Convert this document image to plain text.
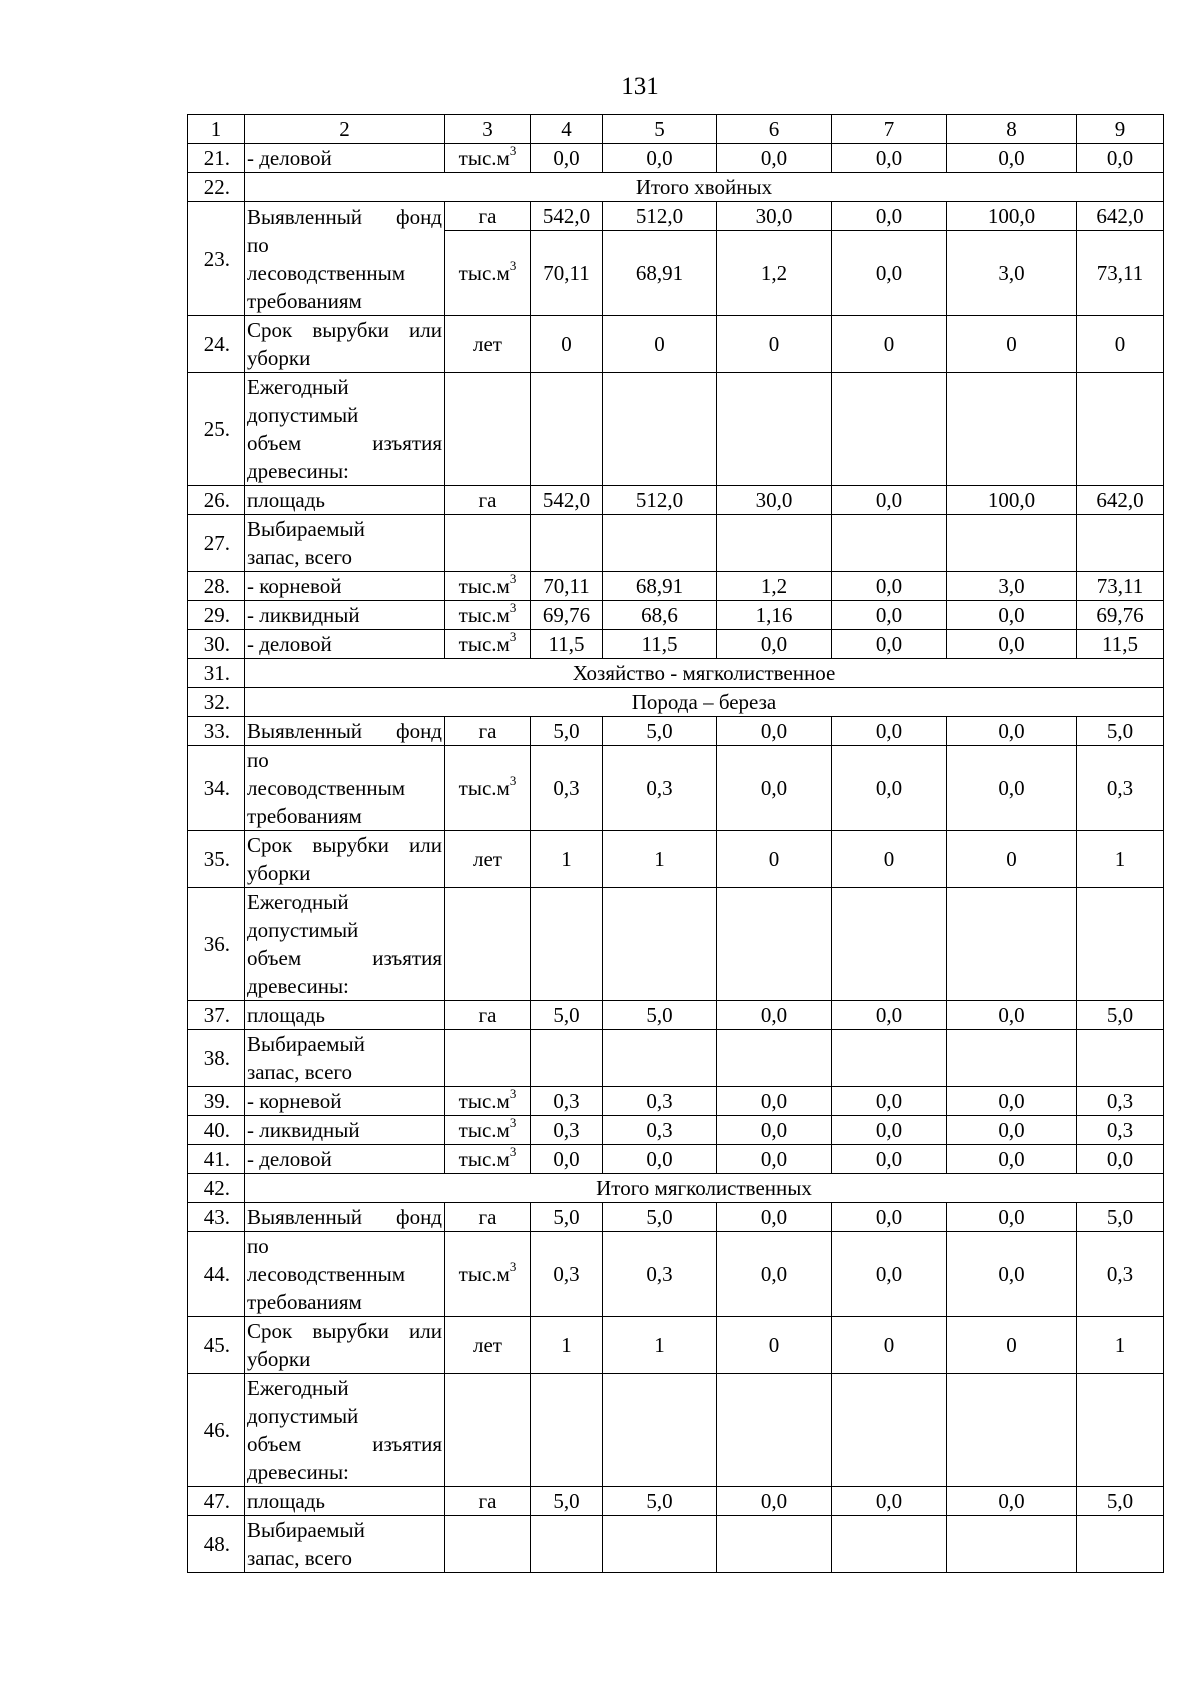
131
1	2	3	4	5	6	7	8	9
21.	- деловой	$тыс.м^3$	0,0	0,0	0,0	0,0	0,0	0,0
22.	Итого хвойных							
23.	Выявленный фонд
по
лесоводственным
требованиям	га	542,0	512,0	30,0	0,0	100,0	642,0
		$тыс.м^3$	70,11	68,91	1,2	0,0	3,0	73,11
24.	Срок вырубки или
уборки	лет	0	0	0	0	0	0
25.	Ежегодный
допустимый
объем изъятия
древесины:							

26.	площадь	га	542,0	512,0	30,0	0,0	100,0	642,0
27.	Выбираемый
запас, всего							

28.	- корневой	$тыс.м^3$	70,11	68,91	1,2	0,0	3,0	73,11
29.	- ликвидный	$тыс.м^3$	69,76	68,6	1,16	0,0	0,0	69,76
30.	- деловой	$тыс.м^3$	11,5	11,5	0,0	0,0	0,0	11,5
31.	Хозяйство - мягколиственное							
32.	Порода – береза							
33.	Выявленный фонд	га	5,0	5,0	0,0	0,0	0,0	5,0
34.	по
лесоводственным
требованиям	$тыс.м^3$	0,3	0,3	0,0	0,0	0,0	0,3
35.	Срок вырубки или
уборки	лет	1	1	0	0	0	1
36.	Ежегодный
допустимый
объем изъятия
древесины:							

37.	площадь	га	5,0	5,0	0,0	0,0	0,0	5,0
38.	Выбираемый
запас, всего							

39.	- корневой	$тыс.м^3$	0,3	0,3	0,0	0,0	0,0	0,3
40.	- ликвидный	$тыс.м^3$	0,3	0,3	0,0	0,0	0,0	0,3
41.	- деловой	$тыс.м^3$	0,0	0,0	0,0	0,0	0,0	0,0
42.	Итого мягколиственных							
43.	Выявленный фонд	га	5,0	5,0	0,0	0,0	0,0	5,0
44.	по
лесоводственным
требованиям	$тыс.м^3$	0,3	0,3	0,0	0,0	0,0	0,3
45.	Срок вырубки или
уборки	лет	1	1	0	0	0	1
46.	Ежегодный
допустимый
объем изъятия
древесины:							

47.	площадь	га	5,0	5,0	0,0	0,0	0,0	5,0
48.	Выбираемый
запас, всего							
